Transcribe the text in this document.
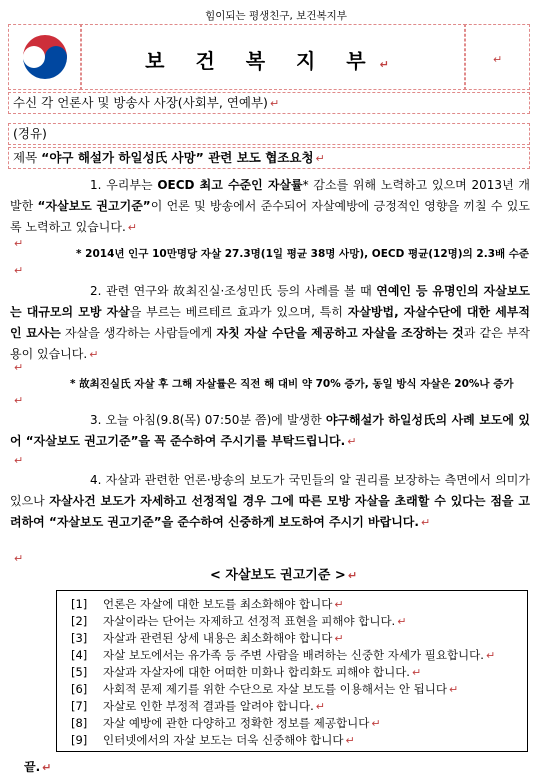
힘이되는 평생친구, 보건복지부
보 건 복 지 부 ↵	↵
수신 각 언론사 및 방송사 사장(사회부, 연예부) ↵
(경유)
제목 “야구 해설가 하일성氏 사망” 관련 보도 협조요청 ↵
1. 우리부는 OECD 최고 수준인 자살률* 감소를 위해 노력하고 있으며 2013년 개발한 “자살보도 권고기준”이 언론 및 방송에서 준수되어 자살예방에 긍정적인 영향을 끼칠 수 있도록 노력하고 있습니다. ↵
↵
* 2014년 인구 10만명당 자살 27.3명(1일 평균 38명 사망), OECD 평균(12명)의 2.3배 수준
↵
2. 관련 연구와 故최진실·조성민氏 등의 사례를 볼 때 연예인 등 유명인의 자살보도는 대규모의 모방 자살을 부르는 베르테르 효과가 있으며, 특히 자살방법, 자살수단에 대한 세부적인 묘사는 자살을 생각하는 사람들에게 자칫 자살 수단을 제공하고 자살을 조장하는 것과 같은 부작용이 있습니다. ↵
↵
* 故최진실氏 자살 후 그해 자살률은 직전 해 대비 약 70% 증가, 동일 방식 자살은 20%나 증가
↵
3. 오늘 아침(9.8(목) 07:50분 쯤)에 발생한 야구해설가 하일성氏의 사례 보도에 있어 “자살보도 권고기준”을 꼭 준수하여 주시기를 부탁드립니다. ↵
↵
4. 자살과 관련한 언론·방송의 보도가 국민들의 알 권리를 보장하는 측면에서 의미가 있으나 자살사건 보도가 자세하고 선정적일 경우 그에 따른 모방 자살을 초래할 수 있다는 점을 고려하여 “자살보도 권고기준”을 준수하여 신중하게 보도하여 주시기 바랍니다. ↵
↵
< 자살보도 권고기준 > ↵
[1] 언론은 자살에 대한 보도를 최소화해야 합니다 ↵
[2] 자살이라는 단어는 자제하고 선정적 표현을 피해야 합니다. ↵
[3] 자살과 관련된 상세 내용은 최소화해야 합니다 ↵
[4] 자살 보도에서는 유가족 등 주변 사람을 배려하는 신중한 자세가 필요합니다. ↵
[5] 자살과 자살자에 대한 어떠한 미화나 합리화도 피해야 합니다. ↵
[6] 사회적 문제 제기를 위한 수단으로 자살 보도를 이용해서는 안 됩니다 ↵
[7] 자살로 인한 부정적 결과를 알려야 합니다. ↵
[8] 자살 예방에 관한 다양하고 정확한 정보를 제공합니다 ↵
[9] 인터넷에서의 자살 보도는 더욱 신중해야 합니다 ↵
끝. ↵
